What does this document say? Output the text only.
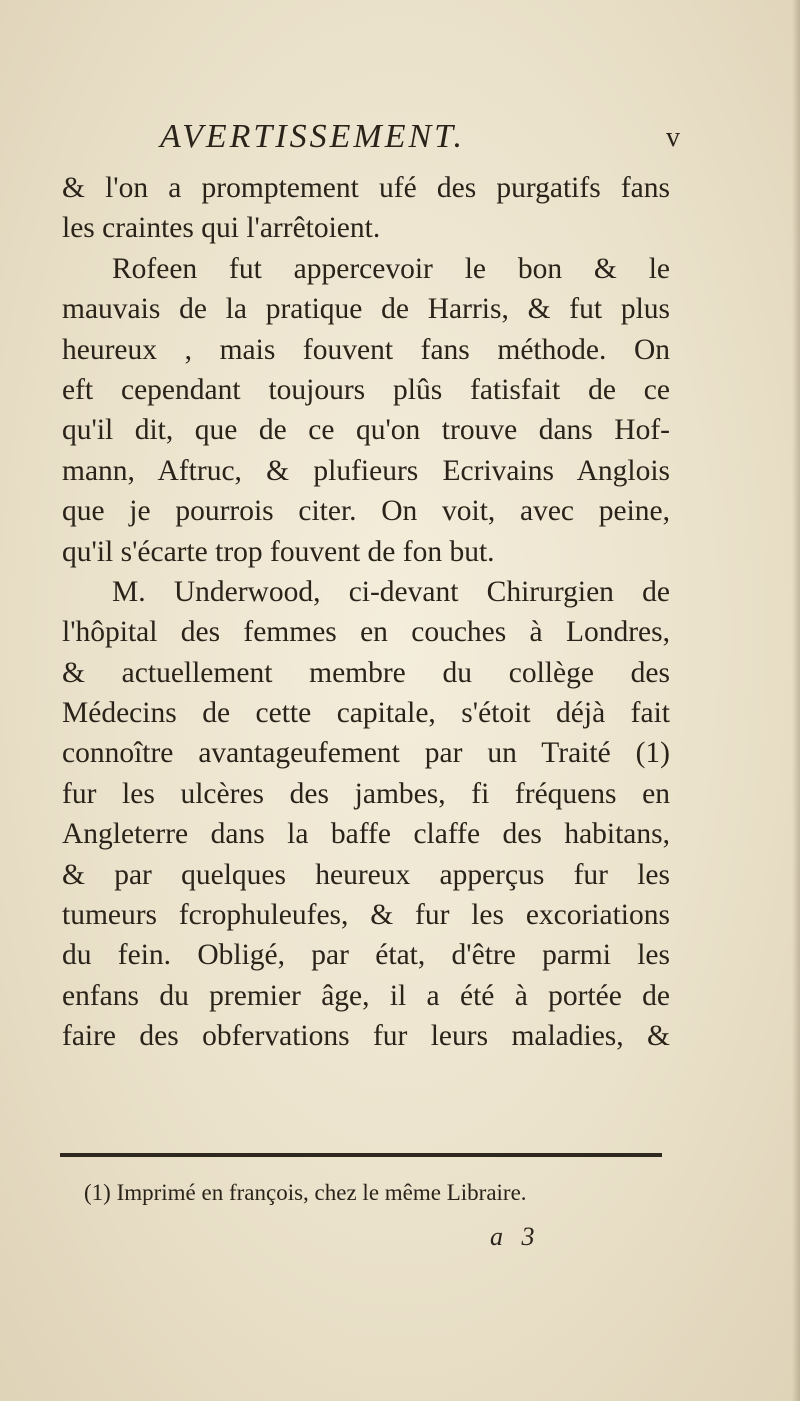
AVERTISSEMENT.	v
& l'on a promptement ufé des purgatifs fans
les craintes qui l'arrêtoient.
Rofeen fut appercevoir le bon & le
mauvais de la pratique de Harris, & fut plus
heureux , mais fouvent fans méthode. On
eft cependant toujours plûs fatisfait de ce
qu'il dit, que de ce qu'on trouve dans Hof-
mann, Aftruc, & plufieurs Ecrivains Anglois
que je pourrois citer. On voit, avec peine,
qu'il s'écarte trop fouvent de fon but.
M. Underwood, ci-devant Chirurgien de
l'hôpital des femmes en couches à Londres,
& actuellement membre du collège des
Médecins de cette capitale, s'étoit déjà fait
connoître avantageufement par un Traité (1)
fur les ulcères des jambes, fi fréquens en
Angleterre dans la baffe claffe des habitans,
& par quelques heureux apperçus fur les
tumeurs fcrophuleufes, & fur les excoriations
du fein. Obligé, par état, d'être parmi les
enfans du premier âge, il a été à portée de
faire des obfervations fur leurs maladies, &
(1) Imprimé en françois, chez le même Libraire.
a 3
